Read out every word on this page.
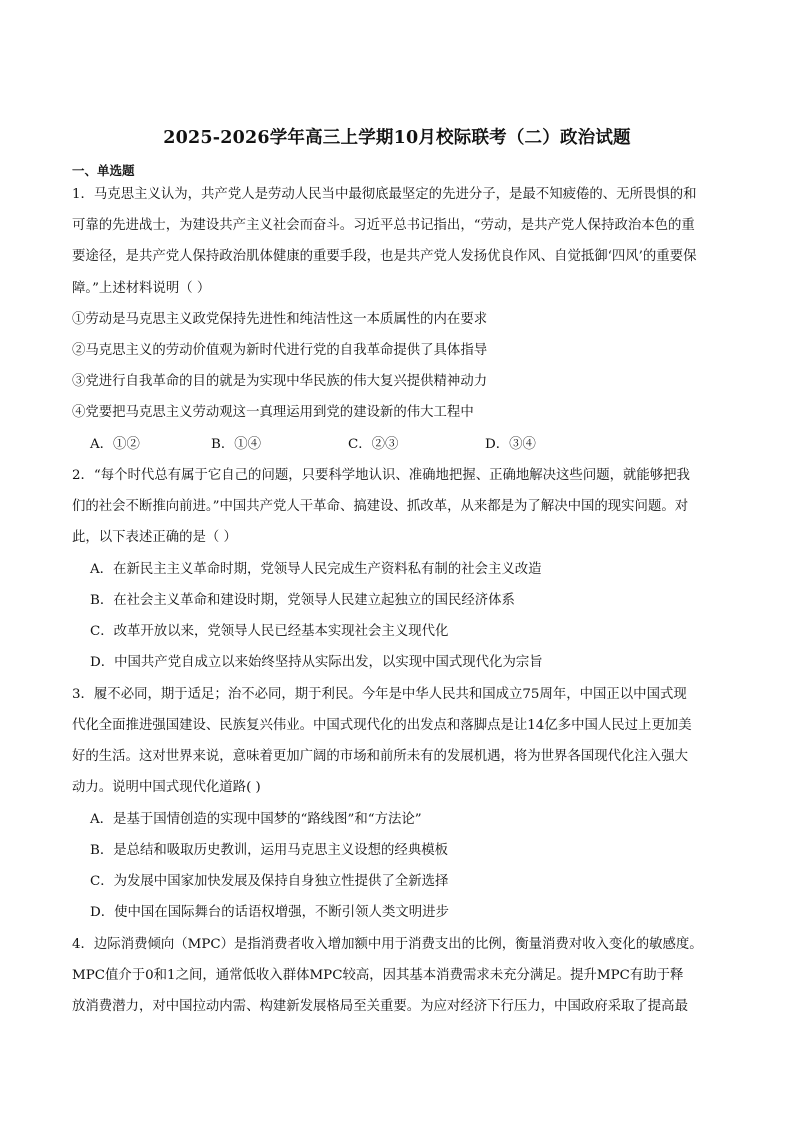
2025-2026学年高三上学期10月校际联考（二）政治试题
一、单选题
1．马克思主义认为，共产党人是劳动人民当中最彻底最坚定的先进分子，是最不知疲倦的、无所畏惧的和
可靠的先进战士，为建设共产主义社会而奋斗。习近平总书记指出，“劳动，是共产党人保持政治本色的重
要途径，是共产党人保持政治肌体健康的重要手段，也是共产党人发扬优良作风、自觉抵御‘四风’的重要保
障。”上述材料说明（ ）
①劳动是马克思主义政党保持先进性和纯洁性这一本质属性的内在要求
②马克思主义的劳动价值观为新时代进行党的自我革命提供了具体指导
③党进行自我革命的目的就是为实现中华民族的伟大复兴提供精神动力
④党要把马克思主义劳动观这一真理运用到党的建设新的伟大工程中
A．①②	B．①④	C．②③	D．③④
2．“每个时代总有属于它自己的问题，只要科学地认识、准确地把握、正确地解决这些问题，就能够把我
们的社会不断推向前进。”中国共产党人干革命、搞建设、抓改革，从来都是为了解决中国的现实问题。对
此，以下表述正确的是（ ）
A．在新民主主义革命时期，党领导人民完成生产资料私有制的社会主义改造
B．在社会主义革命和建设时期，党领导人民建立起独立的国民经济体系
C．改革开放以来，党领导人民已经基本实现社会主义现代化
D．中国共产党自成立以来始终坚持从实际出发，以实现中国式现代化为宗旨
3．履不必同，期于适足；治不必同，期于利民。今年是中华人民共和国成立75周年，中国正以中国式现
代化全面推进强国建设、民族复兴伟业。中国式现代化的出发点和落脚点是让14亿多中国人民过上更加美
好的生活。这对世界来说，意味着更加广阔的市场和前所未有的发展机遇，将为世界各国现代化注入强大
动力。说明中国式现代化道路( )
A．是基于国情创造的实现中国梦的“路线图”和“方法论”
B．是总结和吸取历史教训，运用马克思主义设想的经典模板
C．为发展中国家加快发展及保持自身独立性提供了全新选择
D．使中国在国际舞台的话语权增强，不断引领人类文明进步
4．边际消费倾向（MPC）是指消费者收入增加额中用于消费支出的比例，衡量消费对收入变化的敏感度。
MPC值介于0和1之间，通常低收入群体MPC较高，因其基本消费需求未充分满足。提升MPC有助于释
放消费潜力，对中国拉动内需、构建新发展格局至关重要。为应对经济下行压力，中国政府采取了提高最
